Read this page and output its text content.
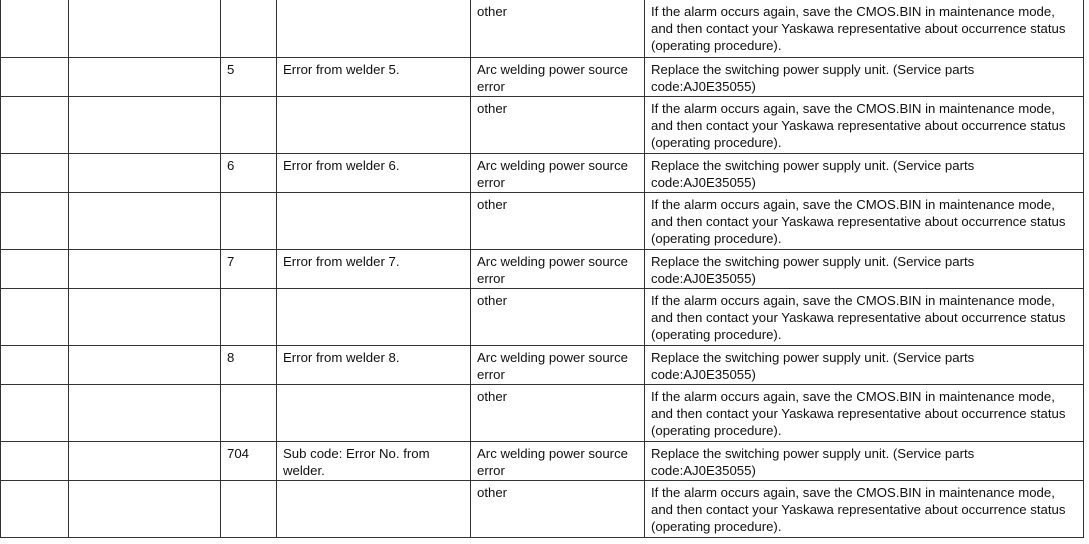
				other	If the alarm occurs again, save the CMOS.BIN in maintenance mode, and then contact your Yaskawa representative about occurrence status (operating procedure).
		5	Error from welder 5.	Arc welding power source error	Replace the switching power supply unit. (Service parts code:AJ0E35055)
				other	If the alarm occurs again, save the CMOS.BIN in maintenance mode, and then contact your Yaskawa representative about occurrence status (operating procedure).
		6	Error from welder 6.	Arc welding power source error	Replace the switching power supply unit. (Service parts code:AJ0E35055)
				other	If the alarm occurs again, save the CMOS.BIN in maintenance mode, and then contact your Yaskawa representative about occurrence status (operating procedure).
		7	Error from welder 7.	Arc welding power source error	Replace the switching power supply unit. (Service parts code:AJ0E35055)
				other	If the alarm occurs again, save the CMOS.BIN in maintenance mode, and then contact your Yaskawa representative about occurrence status (operating procedure).
		8	Error from welder 8.	Arc welding power source error	Replace the switching power supply unit. (Service parts code:AJ0E35055)
				other	If the alarm occurs again, save the CMOS.BIN in maintenance mode, and then contact your Yaskawa representative about occurrence status (operating procedure).
		704	Sub code: Error No. from welder.	Arc welding power source error	Replace the switching power supply unit. (Service parts code:AJ0E35055)
				other	If the alarm occurs again, save the CMOS.BIN in maintenance mode, and then contact your Yaskawa representative about occurrence status (operating procedure).
